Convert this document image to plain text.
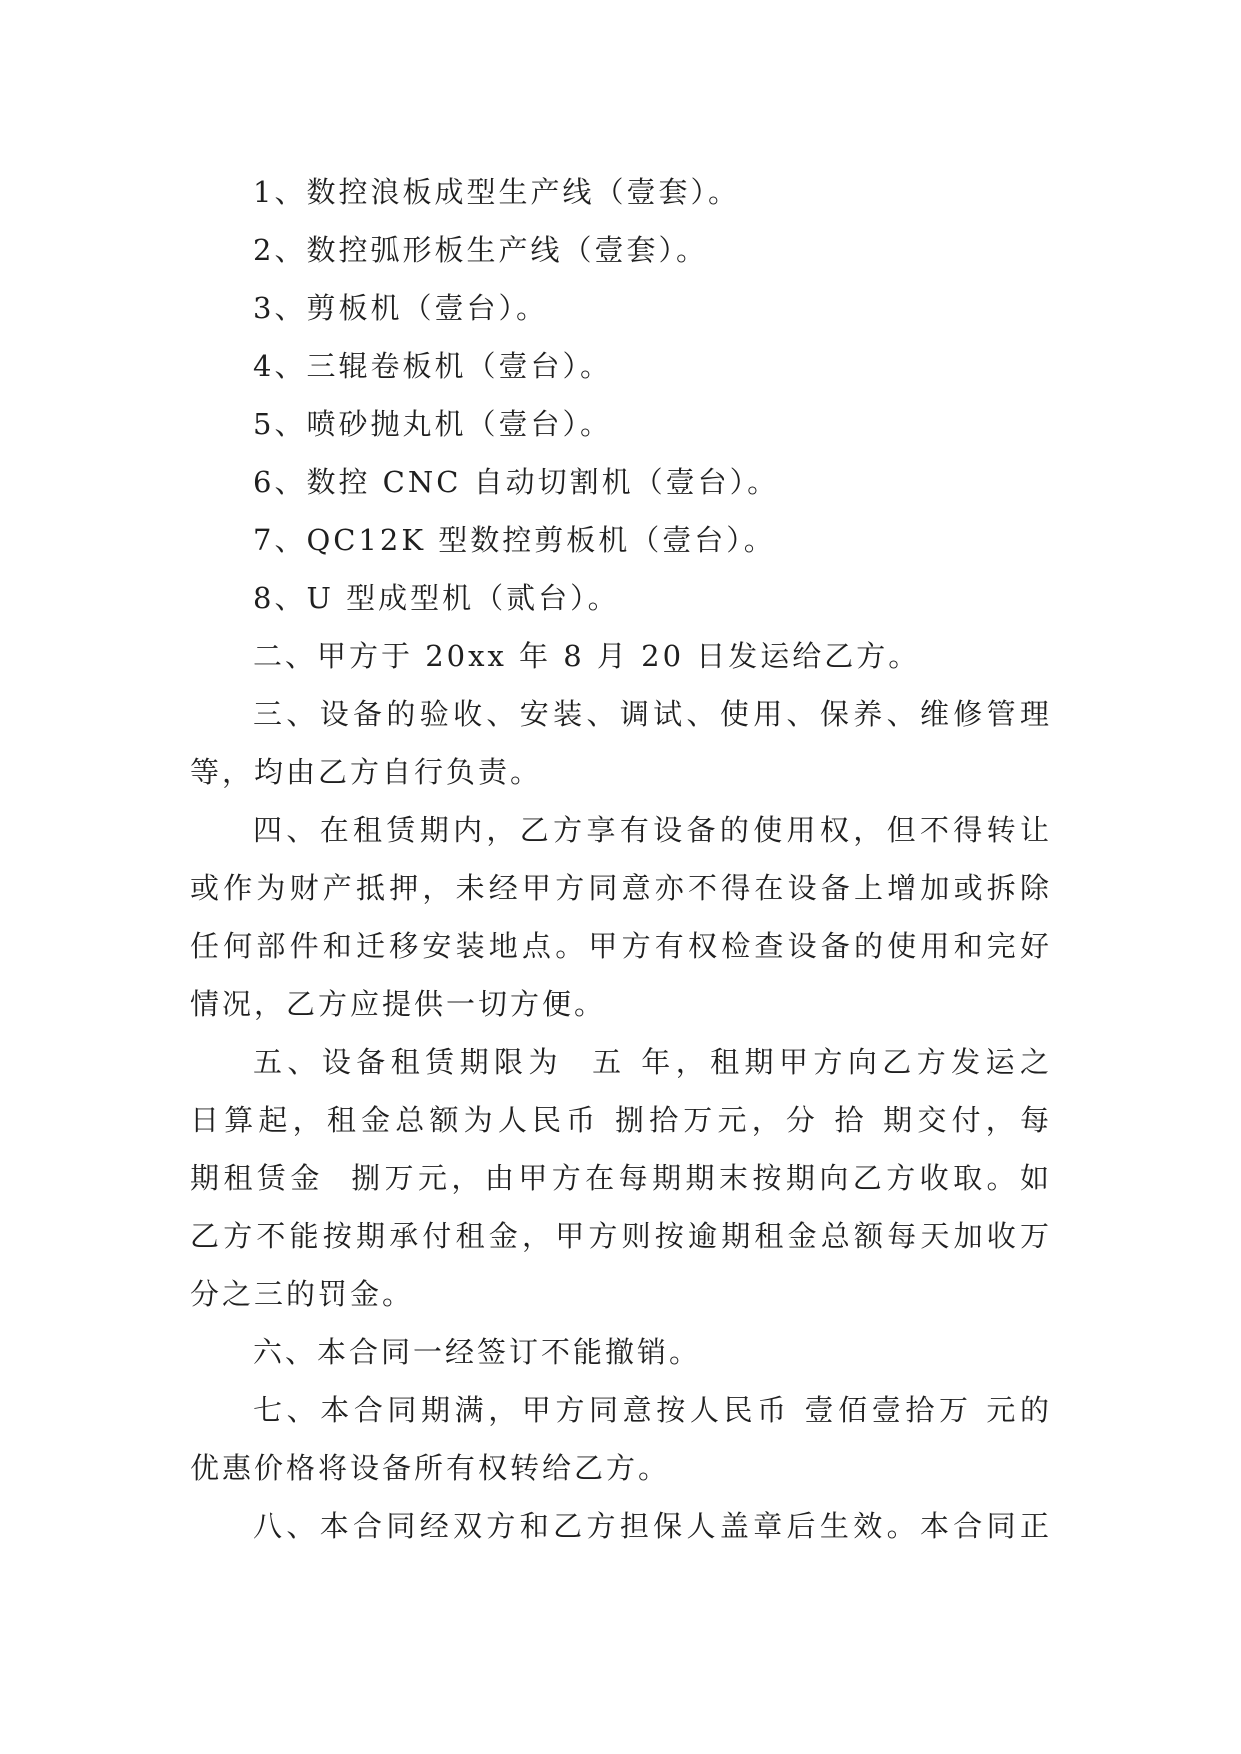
1、数控浪板成型生产线（壹套）。
2、数控弧形板生产线（壹套）。
3、剪板机（壹台）。
4、三辊卷板机（壹台）。
5、喷砂抛丸机（壹台）。
6、数控 CNC 自动切割机（壹台）。
7、QC12K 型数控剪板机（壹台）。
8、U 型成型机（贰台）。
二、甲方于 20xx 年 8 月 20 日发运给乙方。
三、设备的验收、安装、调试、使用、保养、维修管理
等，均由乙方自行负责。
四、在租赁期内，乙方享有设备的使用权，但不得转让
或作为财产抵押，未经甲方同意亦不得在设备上增加或拆除
任何部件和迁移安装地点。甲方有权检查设备的使用和完好
情况，乙方应提供一切方便。
五、设备租赁期限为  五 年，租期甲方向乙方发运之
日算起，租金总额为人民币 捌拾万元，分 拾 期交付，每
期租赁金  捌万元，由甲方在每期期末按期向乙方收取。如
乙方不能按期承付租金，甲方则按逾期租金总额每天加收万
分之三的罚金。
六、本合同一经签订不能撤销。
七、本合同期满，甲方同意按人民币 壹佰壹拾万 元的
优惠价格将设备所有权转给乙方。
八、本合同经双方和乙方担保人盖章后生效。本合同正
